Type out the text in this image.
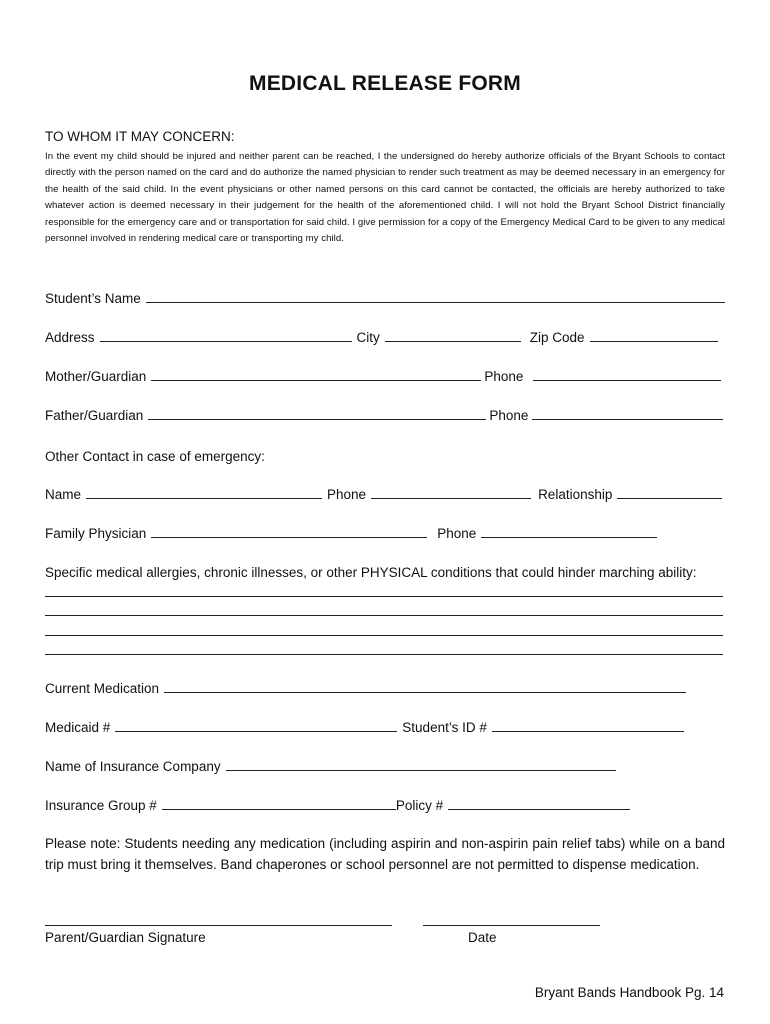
MEDICAL RELEASE FORM
TO WHOM IT MAY CONCERN:
In the event my child should be injured and neither parent can be reached, I the undersigned do hereby authorize officials of the Bryant Schools to contact directly with the person named on the card and do authorize the named physician to render such treatment as may be deemed necessary in an emergency for the health of the said child. In the event physicians or other named persons on this card cannot be contacted, the officials are hereby authorized to take whatever action is deemed necessary in their judgement for the health of the aforementioned child. I will not hold the Bryant School District financially responsible for the emergency care and or transportation for said child. I give permission for a copy of the Emergency Medical Card to be given to any medical personnel involved in rendering medical care or transporting my child.
Student’s Name
Address	City	Zip Code
Mother/Guardian	Phone
Father/Guardian	Phone
Other Contact in case of emergency:
Name	Phone	Relationship
Family Physician	Phone
Specific medical allergies, chronic illnesses, or other PHYSICAL conditions that could hinder marching ability:
Current Medication
Medicaid #	Student’s ID #
Name of Insurance Company
Insurance Group #	Policy #
Please note: Students needing any medication (including aspirin and non-aspirin pain relief tabs) while on a band trip must bring it themselves. Band chaperones or school personnel are not permitted to dispense medication.
Parent/Guardian Signature	Date
Bryant Bands Handbook Pg. 14
